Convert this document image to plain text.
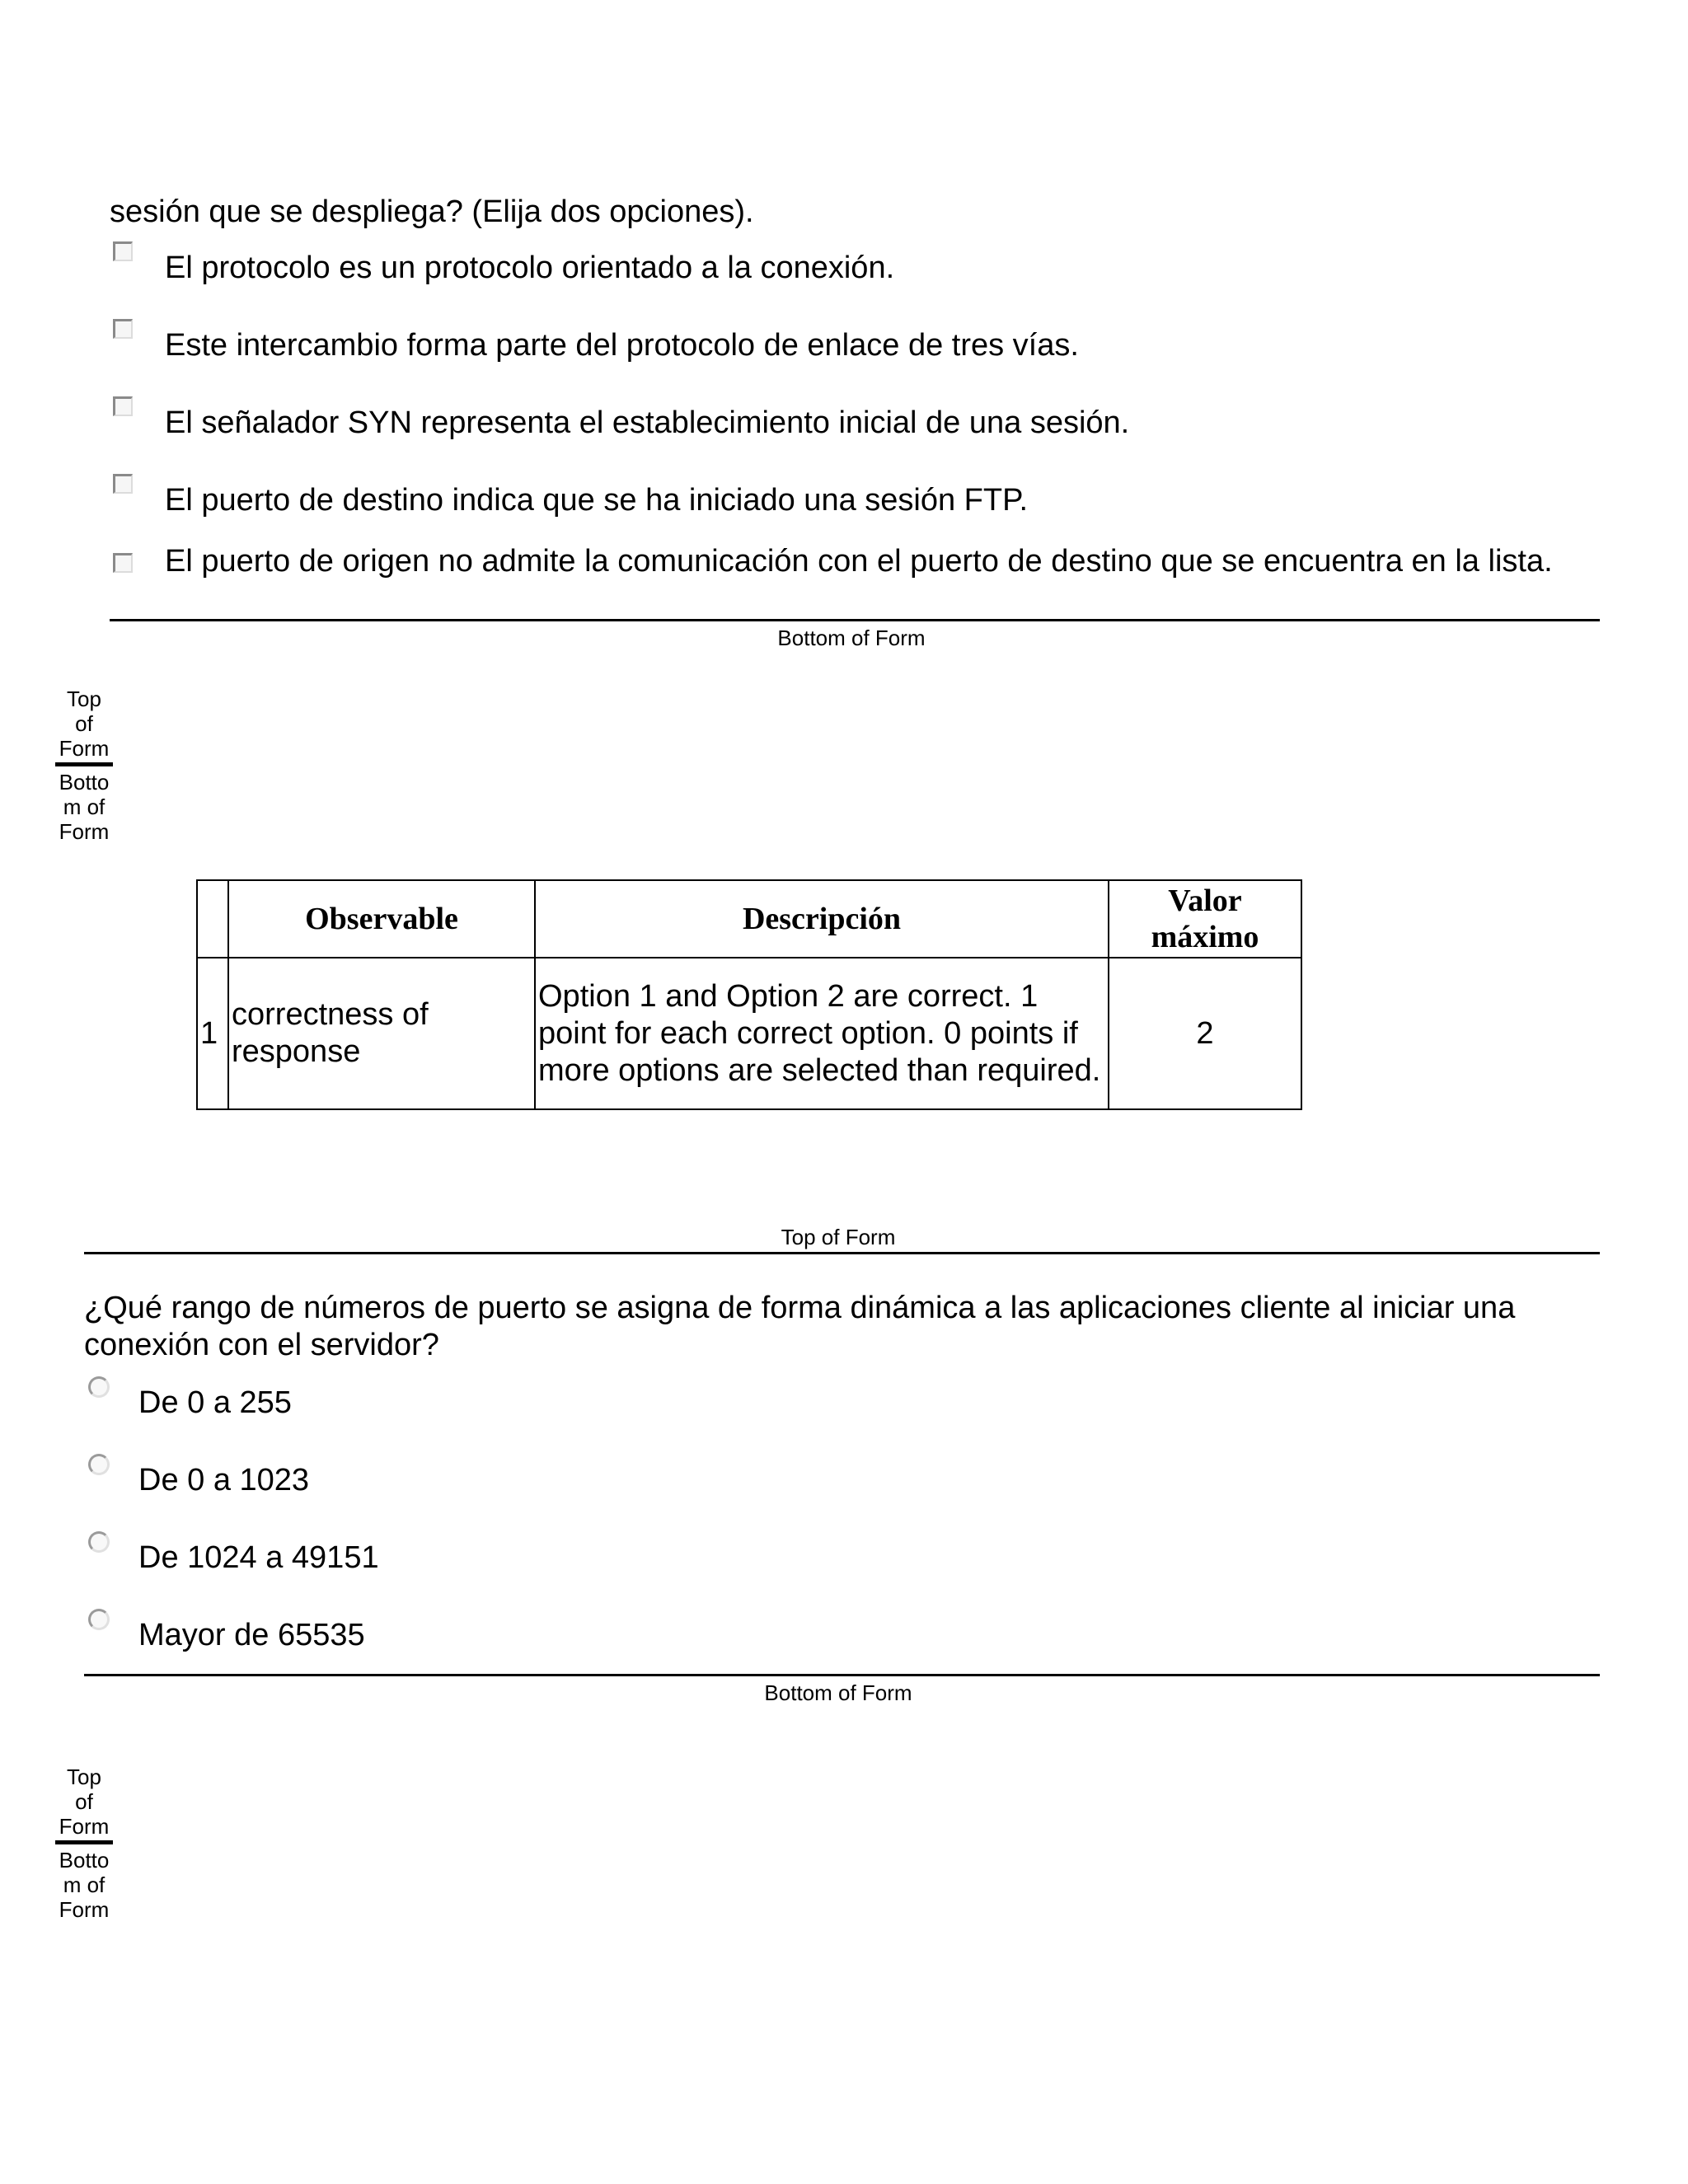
sesión que se despliega? (Elija dos opciones).
El protocolo es un protocolo orientado a la conexión.
Este intercambio forma parte del protocolo de enlace de tres vías.
El señalador SYN representa el establecimiento inicial de una sesión.
El puerto de destino indica que se ha iniciado una sesión FTP.
El puerto de origen no admite la comunicación con el puerto de destino que se encuentra en la lista.
Bottom of Form
Top of Form
Botto m of Form
	Observable	Descripción	Valor máximo
1	correctness of response	Option 1 and Option 2 are correct. 1 point for each correct option. 0 points if more options are selected than required.	2
Top of Form
¿Qué rango de números de puerto se asigna de forma dinámica a las aplicaciones cliente al iniciar una conexión con el servidor?
De 0 a 255
De 0 a 1023
De 1024 a 49151
Mayor de 65535
Bottom of Form
Top of Form
Botto m of Form
